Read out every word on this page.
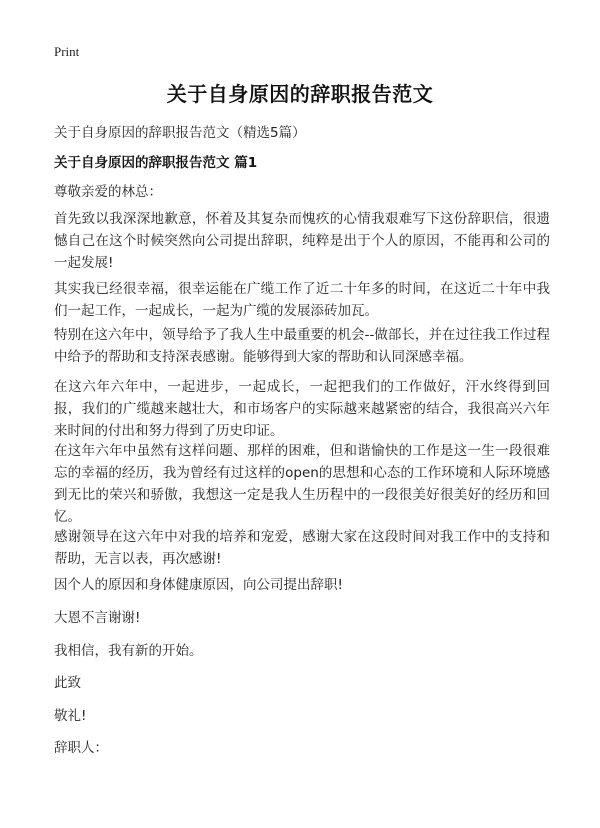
Print
关于自身原因的辞职报告范文
关于自身原因的辞职报告范文（精选5篇）
关于自身原因的辞职报告范文 篇1

尊敬亲爱的林总：

首先致以我深深地歉意，怀着及其复杂而愧疚的心情我艰难写下这份辞职信，很遗憾自己在这个时候突然向公司提出辞职，纯粹是出于个人的原因，不能再和公司的一起发展!

其实我已经很幸福，很幸运能在广缆工作了近二十年多的时间，在这近二十年中我们一起工作，一起成长，一起为广缆的发展添砖加瓦。

特别在这六年中，领导给予了我人生中最重要的机会--做部长，并在过往我工作过程中给予的帮助和支持深表感谢。能够得到大家的帮助和认同深感幸福。

在这六年六年中，一起进步，一起成长，一起把我们的工作做好，汗水终得到回报，我们的广缆越来越壮大，和市场客户的实际越来越紧密的结合，我很高兴六年来时间的付出和努力得到了历史印证。

在这年六年中虽然有这样问题、那样的困难，但和谐愉快的工作是这一生一段很难忘的幸福的经历，我为曾经有过这样的open的思想和心态的工作环境和人际环境感到无比的荣兴和骄傲，我想这一定是我人生历程中的一段很美好很美好的经历和回忆。

感谢领导在这六年中对我的培养和宠爱，感谢大家在这段时间对我工作中的支持和帮助，无言以表，再次感谢!

因个人的原因和身体健康原因，向公司提出辞职!

大恩不言谢谢!

我相信，我有新的开始。

此致

敬礼!

辞职人：
